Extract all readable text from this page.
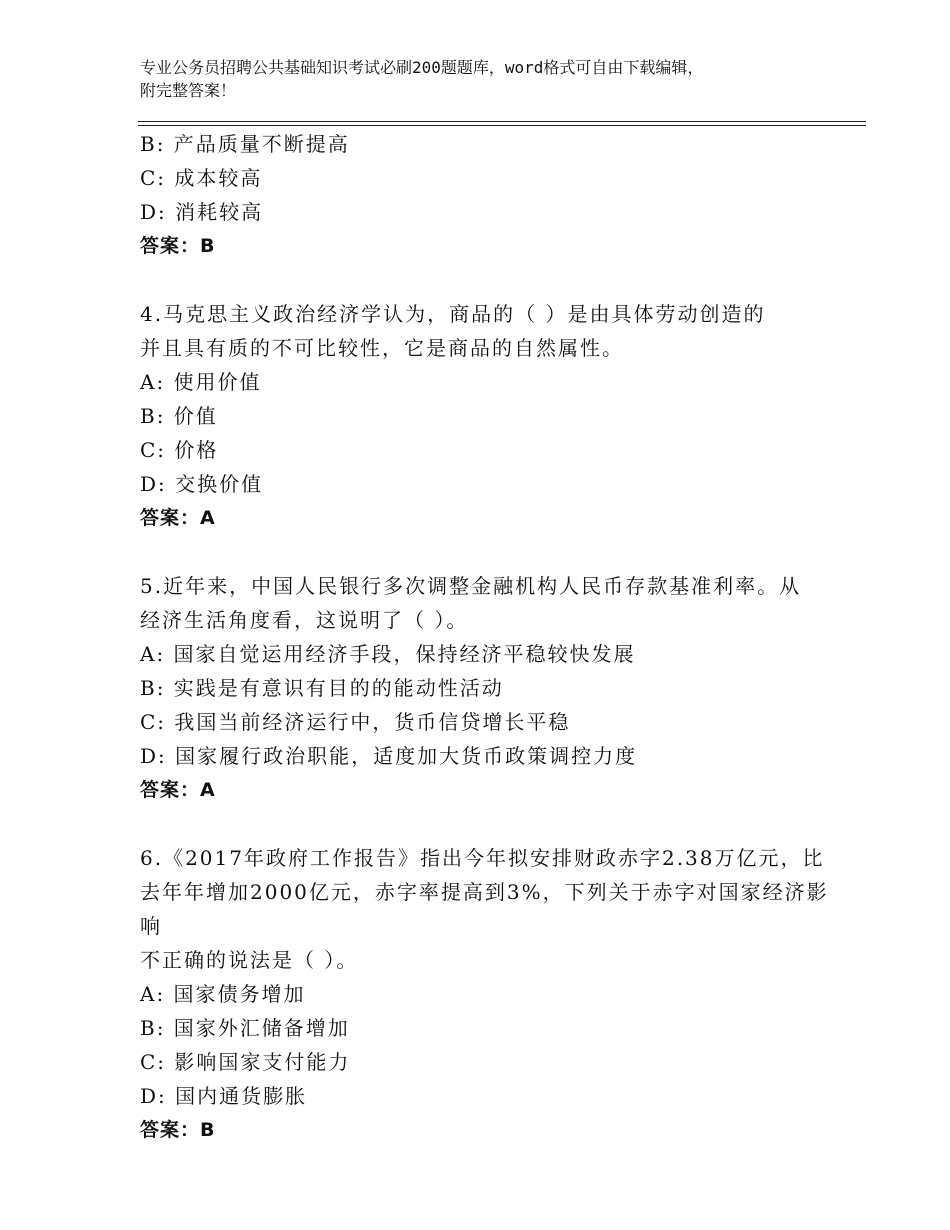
专业公务员招聘公共基础知识考试必刷200题题库，word格式可自由下载编辑，
附完整答案！
B: 产品质量不断提高
C: 成本较高
D: 消耗较高
答案：B
4.马克思主义政治经济学认为，商品的（ ）是由具体劳动创造的
并且具有质的不可比较性，它是商品的自然属性。
A: 使用价值
B: 价值
C: 价格
D: 交换价值
答案：A
5.近年来，中国人民银行多次调整金融机构人民币存款基准利率。从
经济生活角度看，这说明了（ ）。
A: 国家自觉运用经济手段，保持经济平稳较快发展
B: 实践是有意识有目的的能动性活动
C: 我国当前经济运行中，货币信贷增长平稳
D: 国家履行政治职能，适度加大货币政策调控力度
答案：A
6.《2017年政府工作报告》指出今年拟安排财政赤字2.38万亿元，比
去年年增加2000亿元，赤字率提高到3%，下列关于赤字对国家经济影响
不正确的说法是（ ）。
A: 国家债务增加
B: 国家外汇储备增加
C: 影响国家支付能力
D: 国内通货膨胀
答案：B
